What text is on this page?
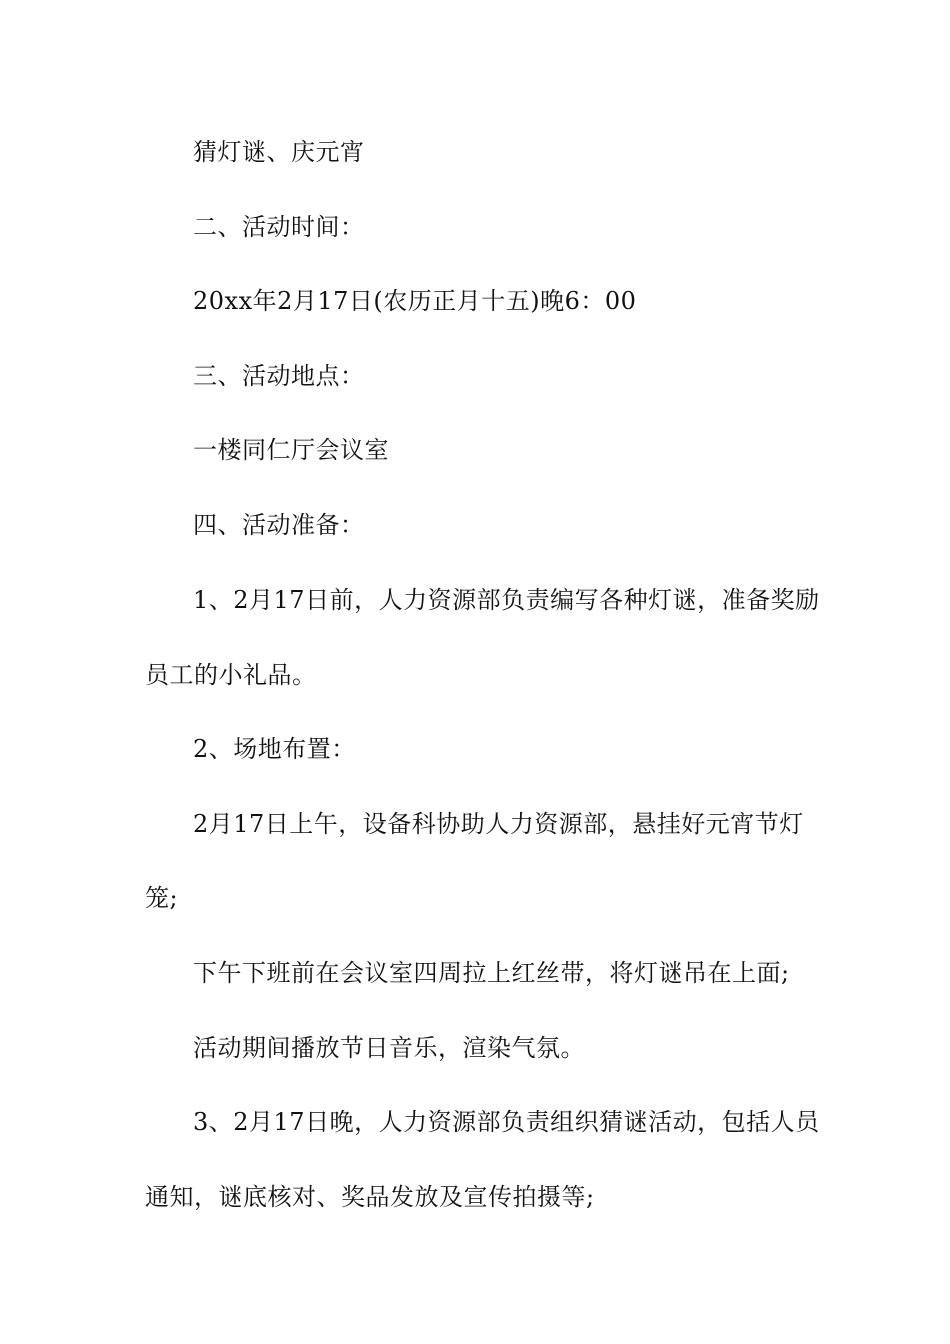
猜灯谜、庆元宵
二、活动时间：
20xx年2月17日(农历正月十五)晚6：00
三、活动地点：
一楼同仁厅会议室
四、活动准备：
1、2月17日前，人力资源部负责编写各种灯谜，准备奖励
员工的小礼品。
2、场地布置：
2月17日上午，设备科协助人力资源部，悬挂好元宵节灯
笼;
下午下班前在会议室四周拉上红丝带，将灯谜吊在上面;
活动期间播放节日音乐，渲染气氛。
3、2月17日晚，人力资源部负责组织猜谜活动，包括人员
通知，谜底核对、奖品发放及宣传拍摄等;
